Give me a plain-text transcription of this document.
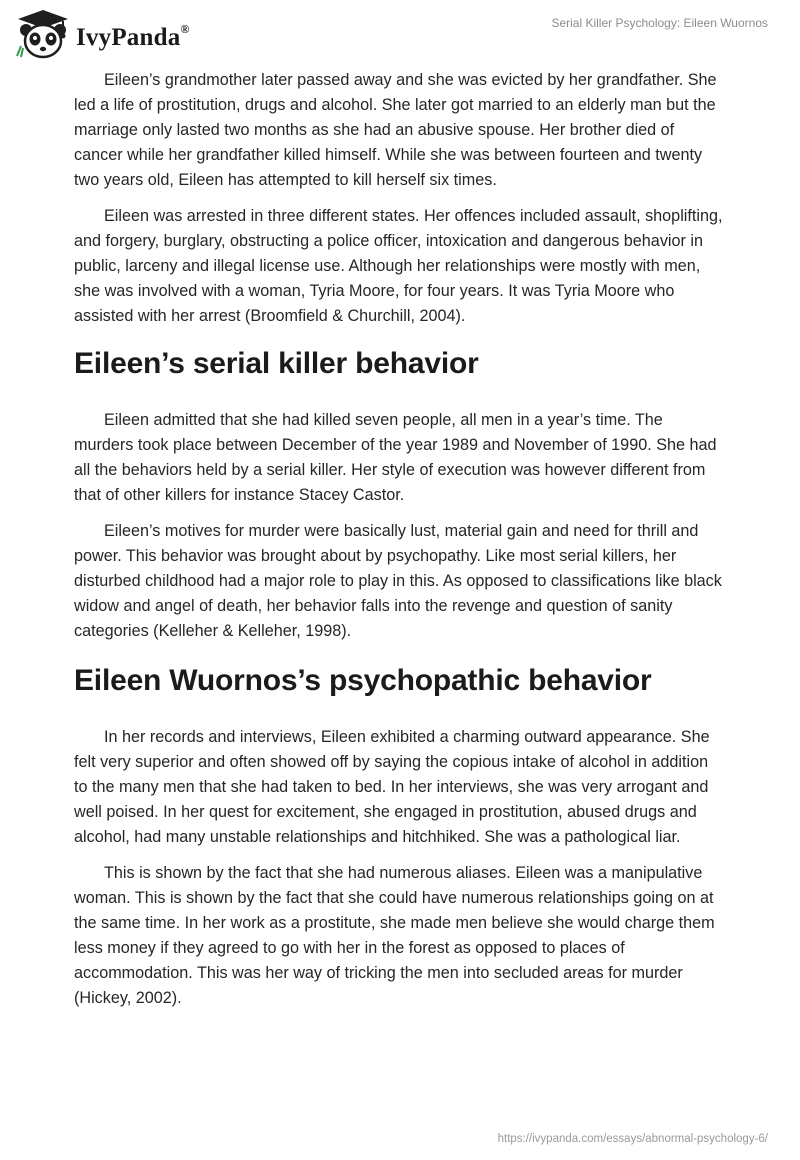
IvyPanda®	Serial Killer Psychology: Eileen Wuornos

Eileen’s grandmother later passed away and she was evicted by her grandfather. She led a life of prostitution, drugs and alcohol. She later got married to an elderly man but the marriage only lasted two months as she had an abusive spouse. Her brother died of cancer while her grandfather killed himself. While she was between fourteen and twenty two years old, Eileen has attempted to kill herself six times.

Eileen was arrested in three different states. Her offences included assault, shoplifting, and forgery, burglary, obstructing a police officer, intoxication and dangerous behavior in public, larceny and illegal license use. Although her relationships were mostly with men, she was involved with a woman, Tyria Moore, for four years. It was Tyria Moore who assisted with her arrest (Broomfield & Churchill, 2004).

Eileen’s serial killer behavior

Eileen admitted that she had killed seven people, all men in a year’s time. The murders took place between December of the year 1989 and November of 1990. She had all the behaviors held by a serial killer. Her style of execution was however different from that of other killers for instance Stacey Castor.

Eileen’s motives for murder were basically lust, material gain and need for thrill and power. This behavior was brought about by psychopathy. Like most serial killers, her disturbed childhood had a major role to play in this. As opposed to classifications like black widow and angel of death, her behavior falls into the revenge and question of sanity categories (Kelleher & Kelleher, 1998).

Eileen Wuornos’s psychopathic behavior

In her records and interviews, Eileen exhibited a charming outward appearance. She felt very superior and often showed off by saying the copious intake of alcohol in addition to the many men that she had taken to bed. In her interviews, she was very arrogant and well poised. In her quest for excitement, she engaged in prostitution, abused drugs and alcohol, had many unstable relationships and hitchhiked. She was a pathological liar.

This is shown by the fact that she had numerous aliases. Eileen was a manipulative woman. This is shown by the fact that she could have numerous relationships going on at the same time. In her work as a prostitute, she made men believe she would charge them less money if they agreed to go with her in the forest as opposed to places of accommodation. This was her way of tricking the men into secluded areas for murder (Hickey, 2002).

https://ivypanda.com/essays/abnormal-psychology-6/
